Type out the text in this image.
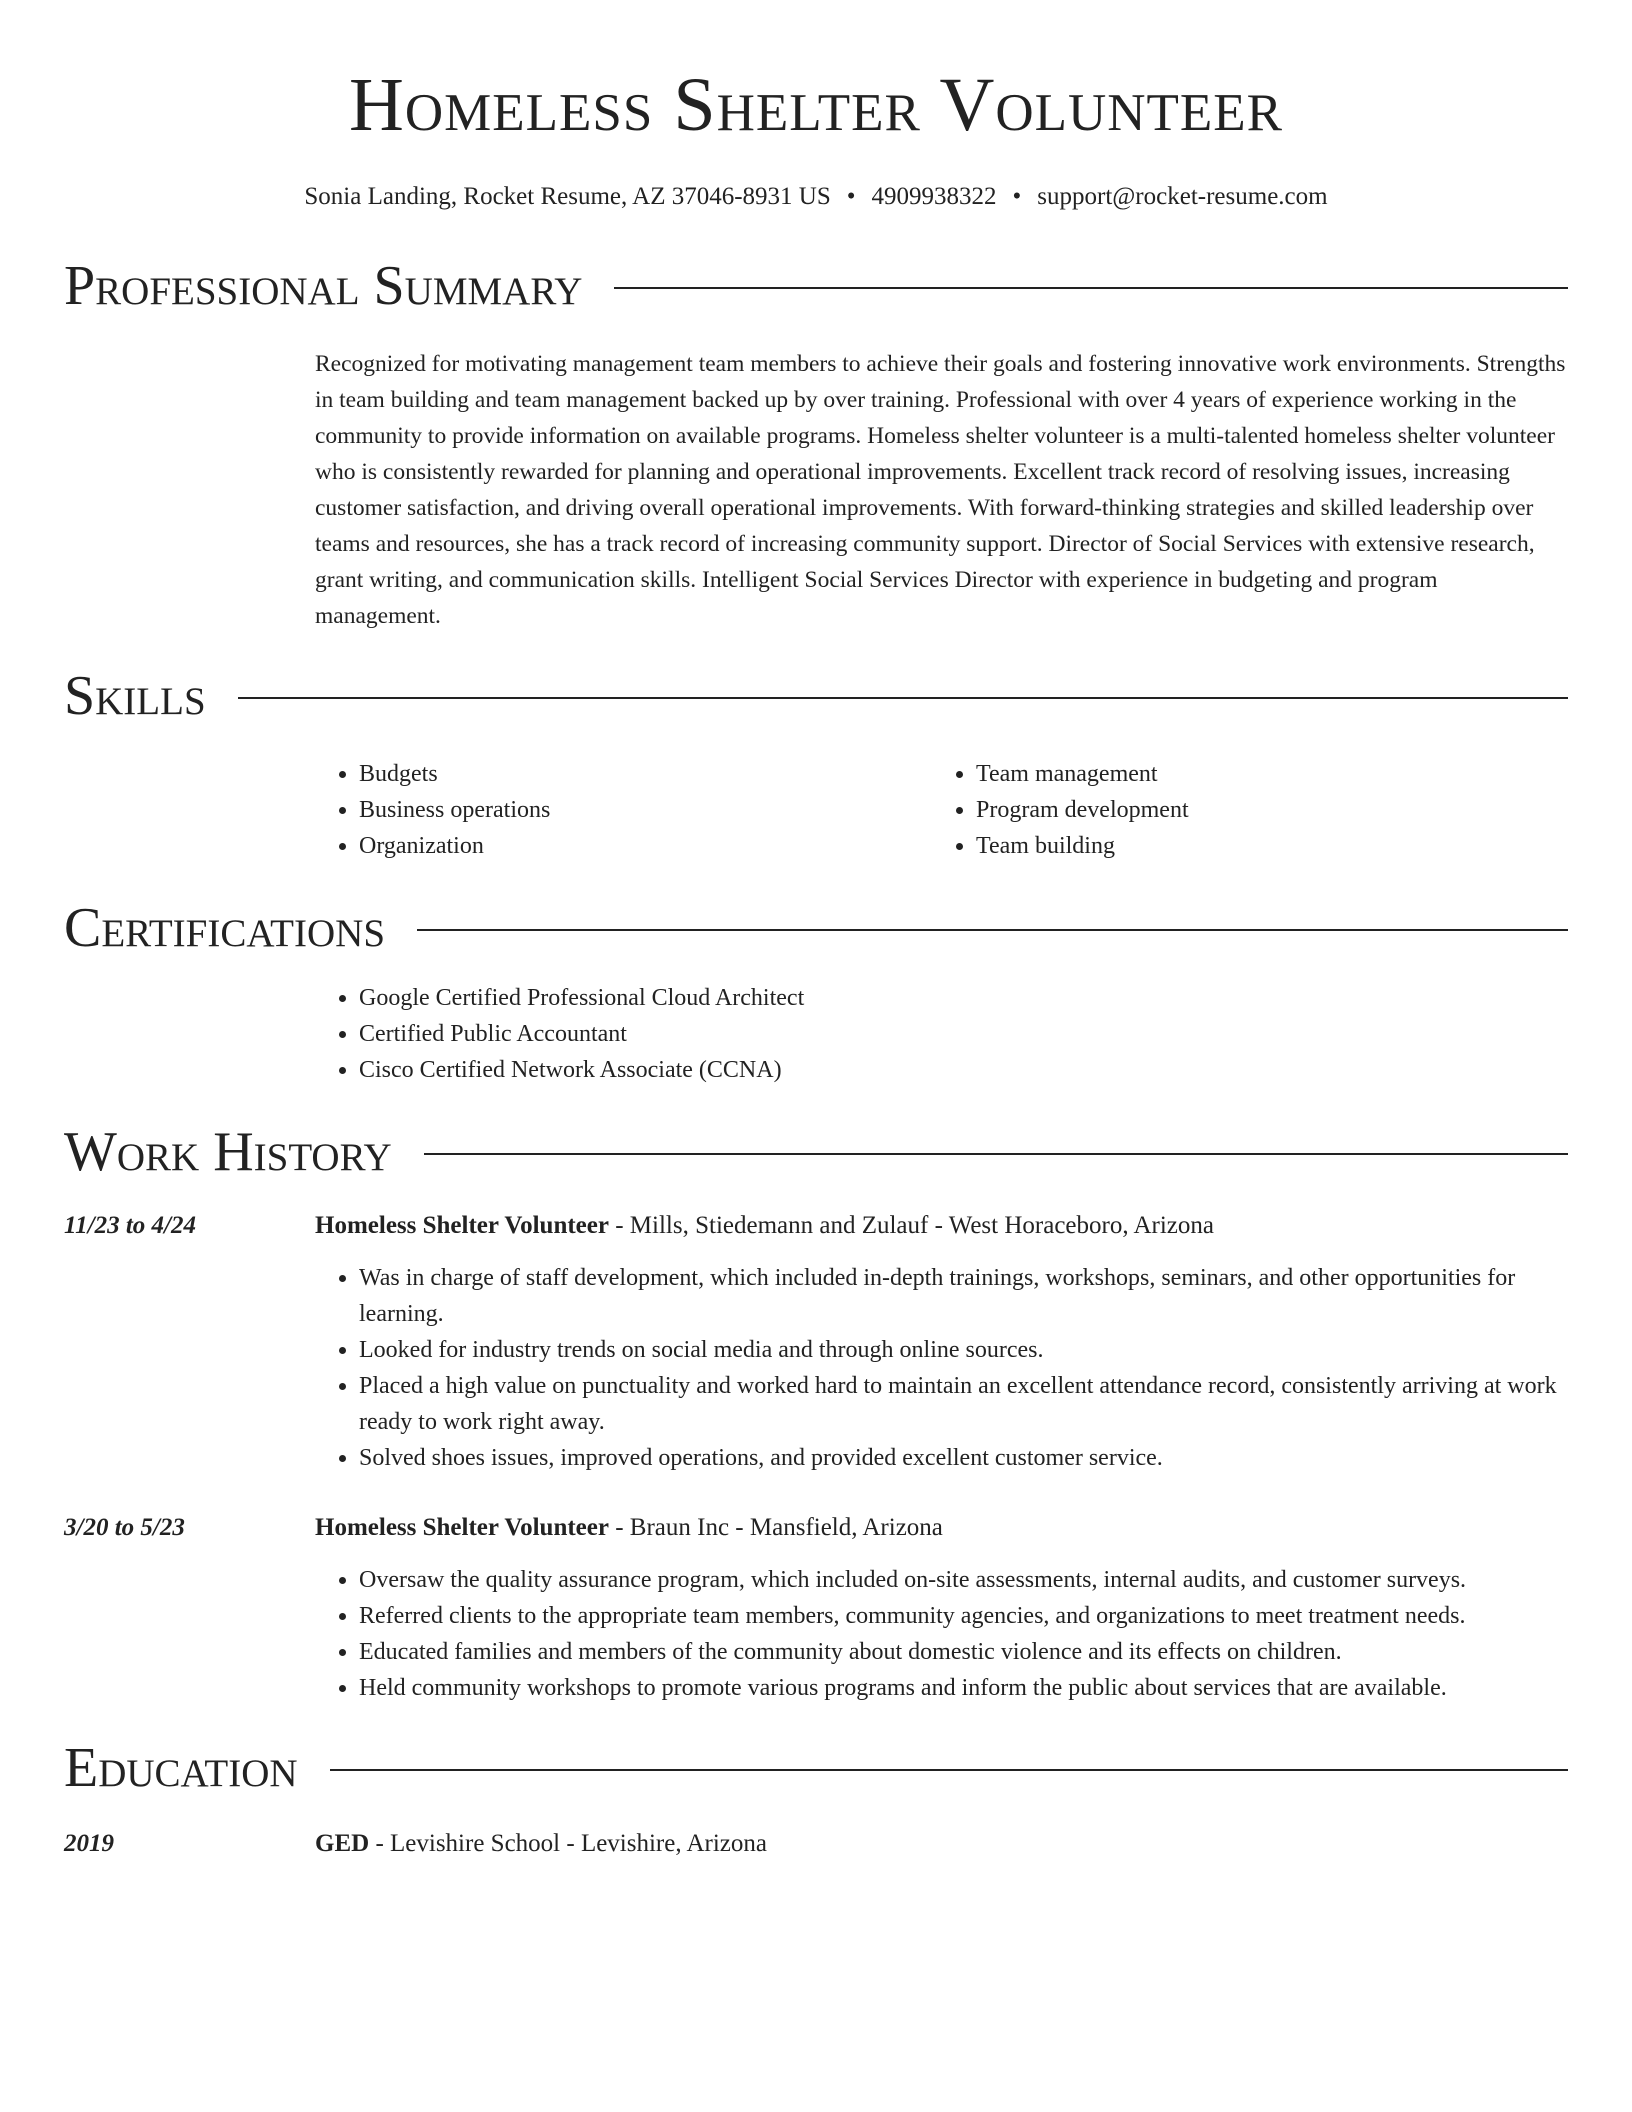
Homeless Shelter Volunteer
Sonia Landing, Rocket Resume, AZ 37046-8931 US • 4909938322 • support@rocket-resume.com
Professional Summary

Recognized for motivating management team members to achieve their goals and fostering innovative work environments. Strengths in team building and team management backed up by over training. Professional with over 4 years of experience working in the community to provide information on available programs. Homeless shelter volunteer is a multi-talented homeless shelter volunteer who is consistently rewarded for planning and operational improvements. Excellent track record of resolving issues, increasing customer satisfaction, and driving overall operational improvements. With forward-thinking strategies and skilled leadership over teams and resources, she has a track record of increasing community support. Director of Social Services with extensive research, grant writing, and communication skills. Intelligent Social Services Director with experience in budgeting and program management.

Skills
• Budgets
• Business operations
• Organization
• Team management
• Program development
• Team building
Certifications
• Google Certified Professional Cloud Architect
• Certified Public Accountant
• Cisco Certified Network Associate (CCNA)
Work History
11/23 to 4/24	Homeless Shelter Volunteer - Mills, Stiedemann and Zulauf - West Horaceboro, Arizona
• Was in charge of staff development, which included in-depth trainings, workshops, seminars, and other opportunities for learning.
• Looked for industry trends on social media and through online sources.
• Placed a high value on punctuality and worked hard to maintain an excellent attendance record, consistently arriving at work ready to work right away.
• Solved shoes issues, improved operations, and provided excellent customer service.
3/20 to 5/23	Homeless Shelter Volunteer - Braun Inc - Mansfield, Arizona
• Oversaw the quality assurance program, which included on-site assessments, internal audits, and customer surveys.
• Referred clients to the appropriate team members, community agencies, and organizations to meet treatment needs.
• Educated families and members of the community about domestic violence and its effects on children.
• Held community workshops to promote various programs and inform the public about services that are available.
Education
2019	GED - Levishire School - Levishire, Arizona
